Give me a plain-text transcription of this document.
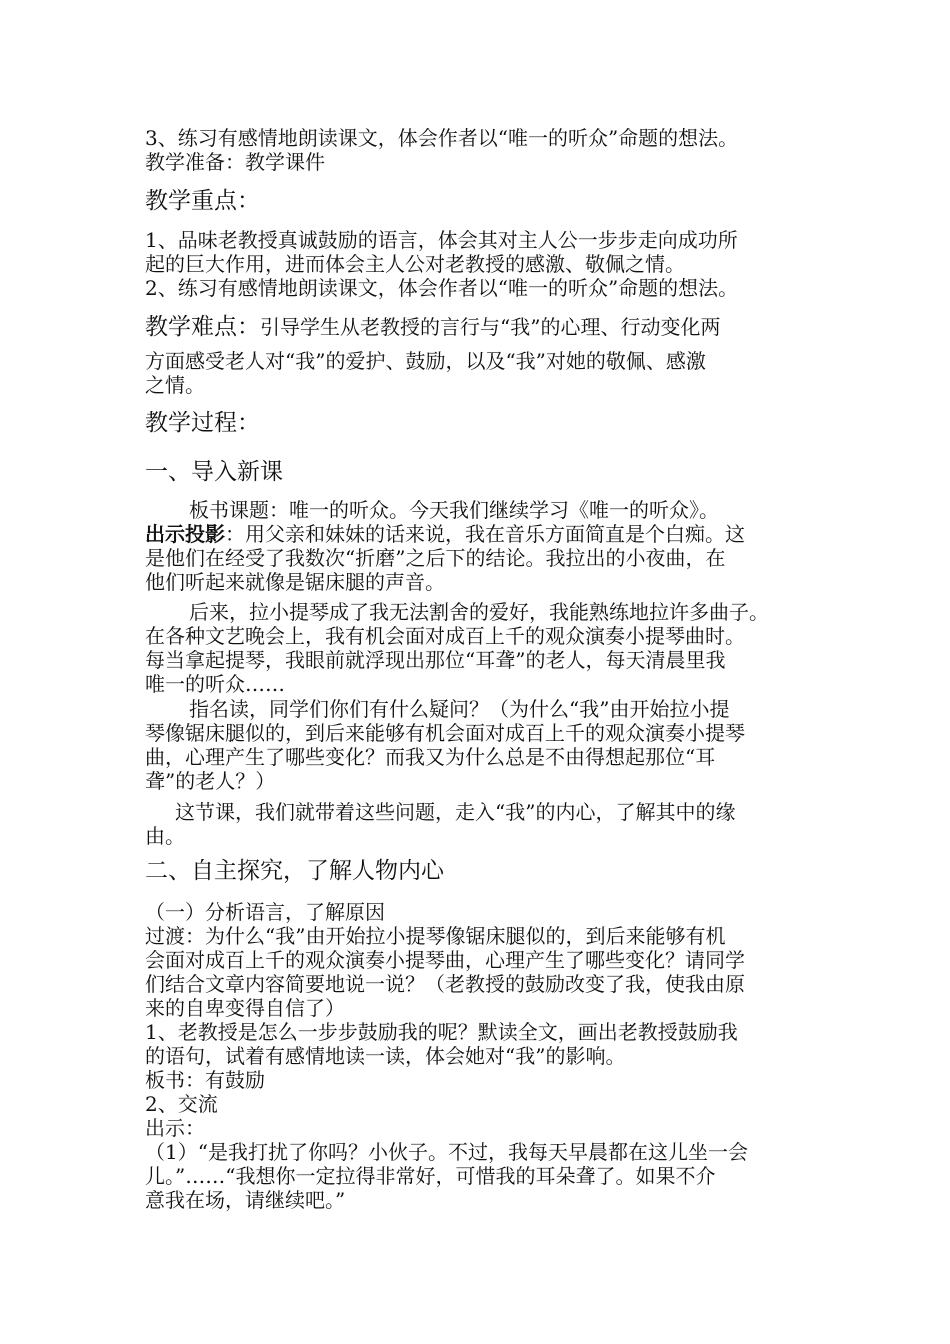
3、练习有感情地朗读课文，体会作者以“唯一的听众”命题的想法。
教学准备：教学课件
教学重点：
1、品味老教授真诚鼓励的语言，体会其对主人公一步步走向成功所
起的巨大作用，进而体会主人公对老教授的感激、敬佩之情。
2、练习有感情地朗读课文，体会作者以“唯一的听众”命题的想法。
教学难点：引导学生从老教授的言行与“我”的心理、行动变化两
方面感受老人对“我”的爱护、鼓励，以及“我”对她的敬佩、感激
之情。
教学过程：
一、导入新课
板书课题：唯一的听众。今天我们继续学习《唯一的听众》。
出示投影：用父亲和妹妹的话来说，我在音乐方面简直是个白痴。这
是他们在经受了我数次“折磨”之后下的结论。我拉出的小夜曲，在
他们听起来就像是锯床腿的声音。
后来，拉小提琴成了我无法割舍的爱好，我能熟练地拉许多曲子。
在各种文艺晚会上，我有机会面对成百上千的观众演奏小提琴曲时。
每当拿起提琴，我眼前就浮现出那位“耳聋”的老人，每天清晨里我
唯一的听众……
指名读，同学们你们有什么疑问？（为什么“我”由开始拉小提
琴像锯床腿似的，到后来能够有机会面对成百上千的观众演奏小提琴
曲，心理产生了哪些变化？而我又为什么总是不由得想起那位“耳
聋”的老人？）
这节课，我们就带着这些问题，走入“我”的内心，了解其中的缘
由。
二、自主探究，了解人物内心
（一）分析语言，了解原因
过渡：为什么“我”由开始拉小提琴像锯床腿似的，到后来能够有机
会面对成百上千的观众演奏小提琴曲，心理产生了哪些变化？请同学
们结合文章内容简要地说一说？（老教授的鼓励改变了我，使我由原
来的自卑变得自信了）
1、老教授是怎么一步步鼓励我的呢？默读全文，画出老教授鼓励我
的语句，试着有感情地读一读，体会她对“我”的影响。
板书：有鼓励
2、交流
出示：
（1）“是我打扰了你吗？小伙子。不过，我每天早晨都在这儿坐一会
儿。”……“我想你一定拉得非常好，可惜我的耳朵聋了。如果不介
意我在场，请继续吧。”
